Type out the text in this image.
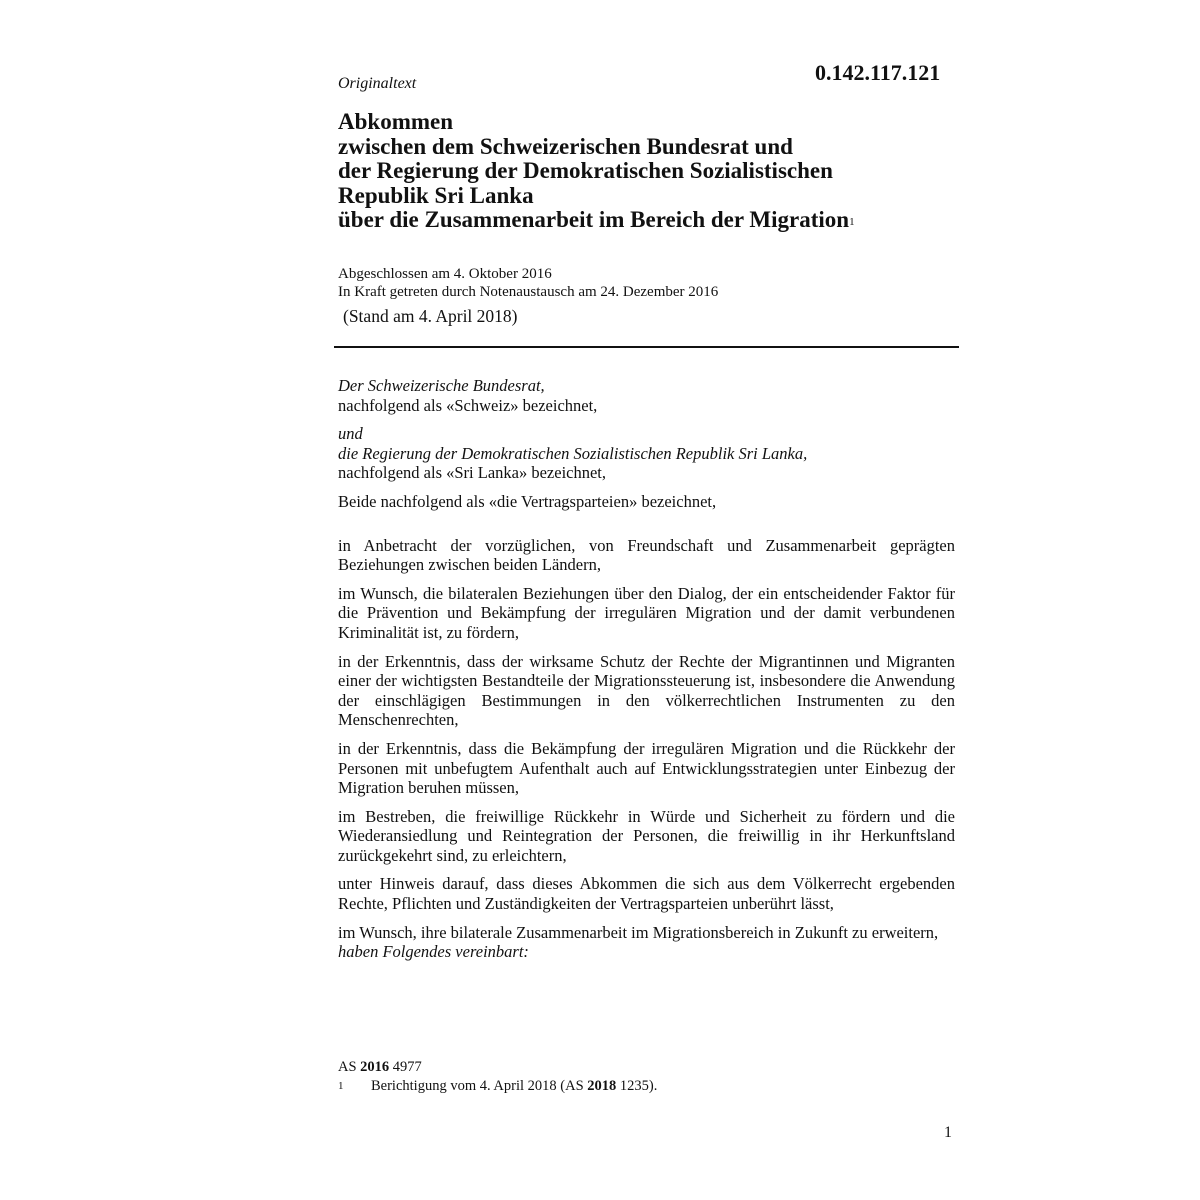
0.142.117.121
Originaltext
Abkommen
zwischen dem Schweizerischen Bundesrat und
der Regierung der Demokratischen Sozialistischen
Republik Sri Lanka
über die Zusammenarbeit im Bereich der Migration$^1$
Abgeschlossen am 4. Oktober 2016
In Kraft getreten durch Notenaustausch am 24. Dezember 2016
(Stand am 4. April 2018)

Der Schweizerische Bundesrat,

nachfolgend als «Schweiz» bezeichnet,

und

die Regierung der Demokratischen Sozialistischen Republik Sri Lanka,

nachfolgend als «Sri Lanka» bezeichnet,

Beide nachfolgend als «die Vertragsparteien» bezeichnet,

in Anbetracht der vorzüglichen, von Freundschaft und Zusammenarbeit geprägten Beziehungen zwischen beiden Ländern,

im Wunsch, die bilateralen Beziehungen über den Dialog, der ein entscheidender Faktor für die Prävention und Bekämpfung der irregulären Migration und der damit verbundenen Kriminalität ist, zu fördern,

in der Erkenntnis, dass der wirksame Schutz der Rechte der Migrantinnen und Migranten einer der wichtigsten Bestandteile der Migrationssteuerung ist, insbesondere die Anwendung der einschlägigen Bestimmungen in den völkerrechtlichen Instrumenten zu den Menschenrechten,

in der Erkenntnis, dass die Bekämpfung der irregulären Migration und die Rückkehr der Personen mit unbefugtem Aufenthalt auch auf Entwicklungsstrategien unter Einbezug der Migration beruhen müssen,

im Bestreben, die freiwillige Rückkehr in Würde und Sicherheit zu fördern und die Wiederansiedlung und Reintegration der Personen, die freiwillig in ihr Herkunftsland zurückgekehrt sind, zu erleichtern,

unter Hinweis darauf, dass dieses Abkommen die sich aus dem Völkerrecht ergebenden Rechte, Pflichten und Zuständigkeiten der Vertragsparteien unberührt lässt,

im Wunsch, ihre bilaterale Zusammenarbeit im Migrationsbereich in Zukunft zu erweitern,

haben Folgendes vereinbart:

AS 2016 4977
1 Berichtigung vom 4. April 2018 (AS 2018 1235).
1
